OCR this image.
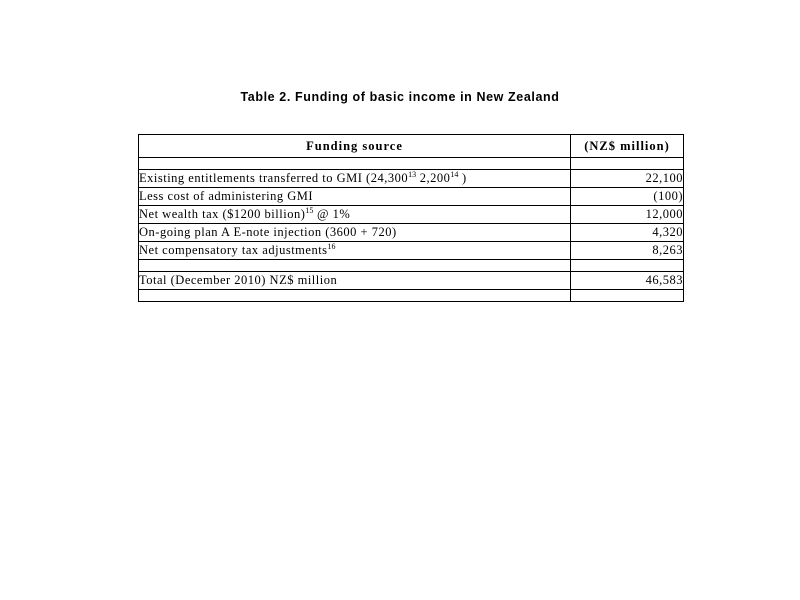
Table 2. Funding of basic income in New Zealand
Funding source	(NZ$ million)

Existing entitlements transferred to GMI (24,300$^{13}$ 2,200$^{14}$ )	22,100
Less cost of administering GMI	(100)
Net wealth tax ($1200 billion)$^{15}$ @ 1%	12,000
On-going plan A E-note injection (3600 + 720)	4,320
Net compensatory tax adjustments$^{16}$	8,263

Total (December 2010) NZ$ million	46,583
